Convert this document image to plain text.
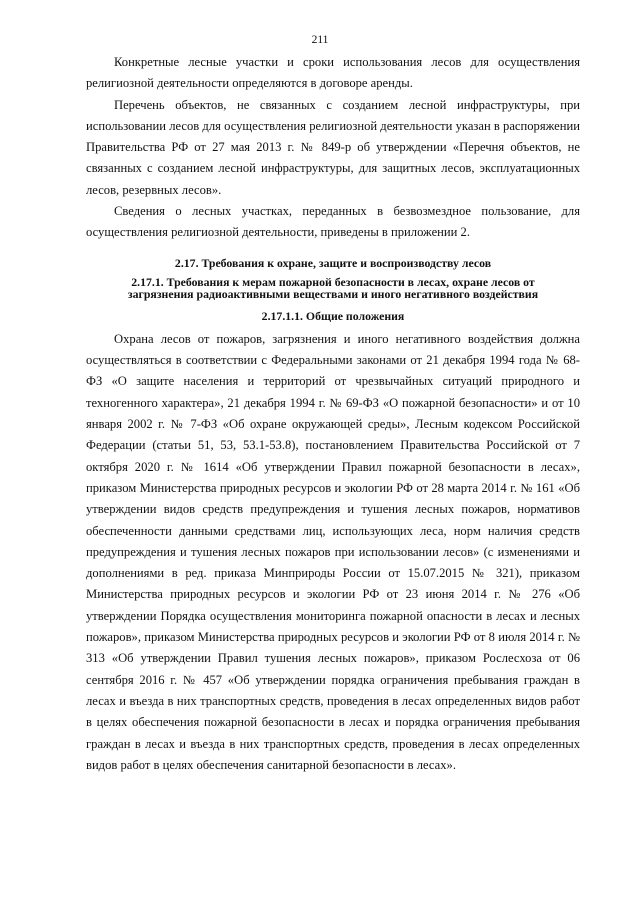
211

Конкретные лесные участки и сроки использования лесов для осуществления религиозной деятельности определяются в договоре аренды.

Перечень объектов, не связанных с созданием лесной инфраструктуры, при использовании лесов для осуществления религиозной деятельности указан в распоряжении Правительства РФ от 27 мая 2013 г. № 849-р об утверждении «Перечня объектов, не связанных с созданием лесной инфраструктуры, для защитных лесов, эксплуатационных лесов, резервных лесов».

Сведения о лесных участках, переданных в безвозмездное пользование, для осуществления религиозной деятельности, приведены в приложении 2.

2.17. Требования к охране, защите и воспроизводству лесов
2.17.1. Требования к мерам пожарной безопасности в лесах, охране лесов от загрязнения радиоактивными веществами и иного негативного воздействия
2.17.1.1. Общие положения

Охрана лесов от пожаров, загрязнения и иного негативного воздействия должна осуществляться в соответствии с Федеральными законами от 21 декабря 1994 года № 68-ФЗ «О защите населения и территорий от чрезвычайных ситуаций природного и техногенного характера», 21 декабря 1994 г. № 69-ФЗ «О пожарной безопасности» и от 10 января 2002 г. № 7-ФЗ «Об охране окружающей среды», Лесным кодексом Российской Федерации (статьи 51, 53, 53.1-53.8), постановлением Правительства Российской от 7 октября 2020 г. № 1614 «Об утверждении Правил пожарной безопасности в лесах», приказом Министерства природных ресурсов и экологии РФ от 28 марта 2014 г. № 161 «Об утверждении видов средств предупреждения и тушения лесных пожаров, нормативов обеспеченности данными средствами лиц, использующих леса, норм наличия средств предупреждения и тушения лесных пожаров при использовании лесов» (с изменениями и дополнениями в ред. приказа Минприроды России от 15.07.2015 № 321), приказом Министерства природных ресурсов и экологии РФ от 23 июня 2014 г. № 276 «Об утверждении Порядка осуществления мониторинга пожарной опасности в лесах и лесных пожаров», приказом Министерства природных ресурсов и экологии РФ от 8 июля 2014 г. № 313 «Об утверждении Правил тушения лесных пожаров», приказом Рослесхоза от 06 сентября 2016 г. № 457 «Об утверждении порядка ограничения пребывания граждан в лесах и въезда в них транспортных средств, проведения в лесах определенных видов работ в целях обеспечения пожарной безопасности в лесах и порядка ограничения пребывания граждан в лесах и въезда в них транспортных средств, проведения в лесах определенных видов работ в целях обеспечения санитарной безопасности в лесах».
